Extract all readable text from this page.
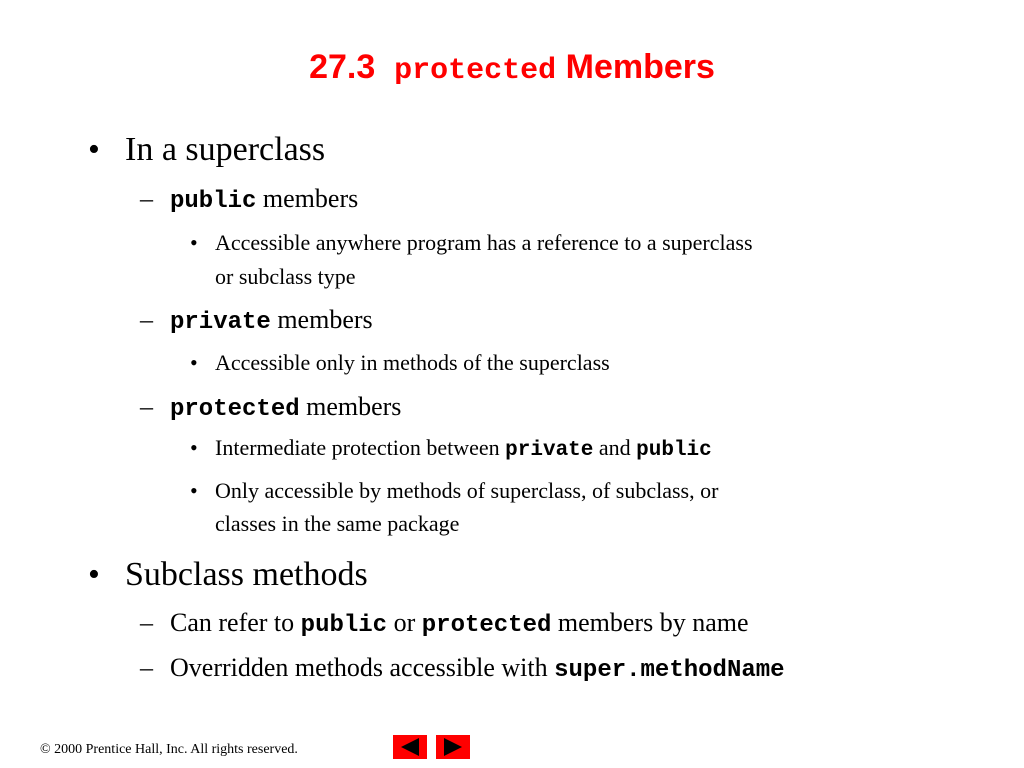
27.3 protected Members
• In a superclass
– public members
• Accessible anywhere program has a reference to a superclass
or subclass type
– private members
• Accessible only in methods of the superclass
– protected members
• Intermediate protection between private and public
• Only accessible by methods of superclass, of subclass, or
classes in the same package
• Subclass methods
– Can refer to public or protected members by name
– Overridden methods accessible with super.methodName
© 2000 Prentice Hall, Inc. All rights reserved.
